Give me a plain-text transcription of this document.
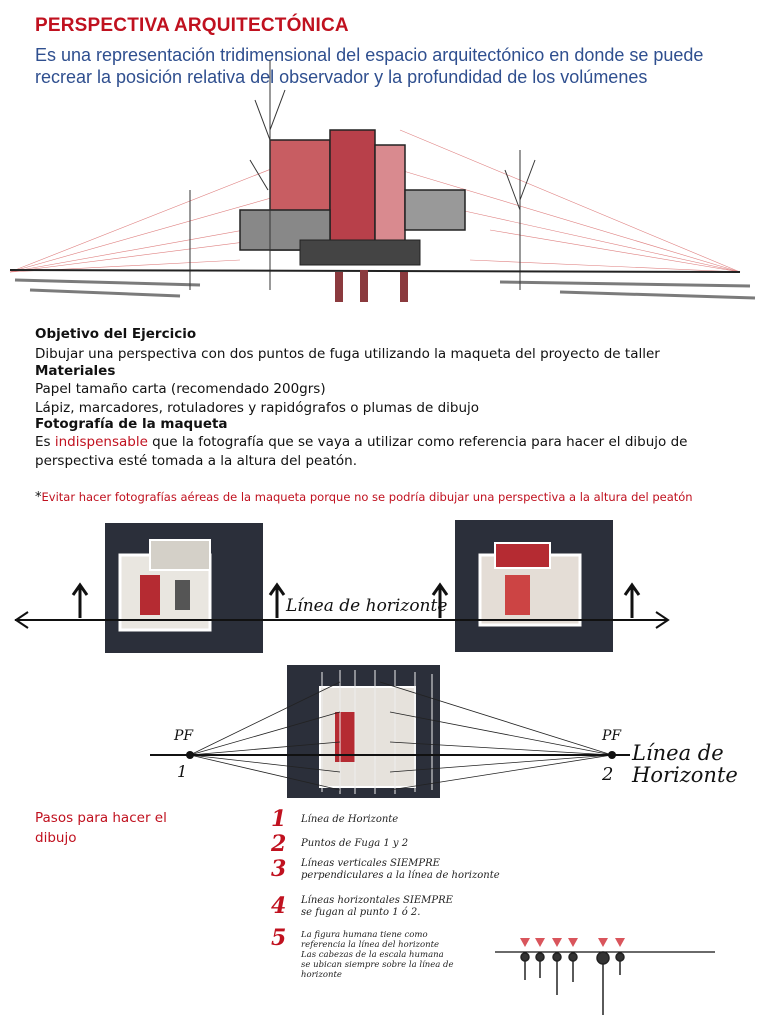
PERSPECTIVA ARQUITECTÓNICA
Es una representación tridimensional del espacio arquitectónico en donde se puede recrear la posición relativa del observador y la profundidad de los volúmenes
Objetivo del Ejercicio
Dibujar una perspectiva con dos puntos de fuga utilizando la maqueta del proyecto de taller
Materiales
Papel tamaño carta (recomendado 200grs)
Lápiz, marcadores, rotuladores y rapidógrafos o plumas de dibujo
Fotografía de la maqueta
Es indispensable que la fotografía que se vaya a utilizar como referencia para hacer el dibujo de perspectiva esté tomada a la altura del peatón.
*Evitar hacer fotografías aéreas de la maqueta porque no se podría dibujar una perspectiva a la altura del peatón
Línea de horizonte
PF
1
PF
2
Línea de
Horizonte
Pasos para hacer el dibujo
1
2
3
4
5
Línea de Horizonte
Puntos de Fuga 1 y 2
Líneas verticales SIEMPRE
perpendiculares a la línea de horizonte
Líneas horizontales SIEMPRE
se fugan al punto 1 ó 2.
La figura humana tiene como
referencia la línea del horizonte
Las cabezas de la escala humana
se ubican siempre sobre la línea de
horizonte
